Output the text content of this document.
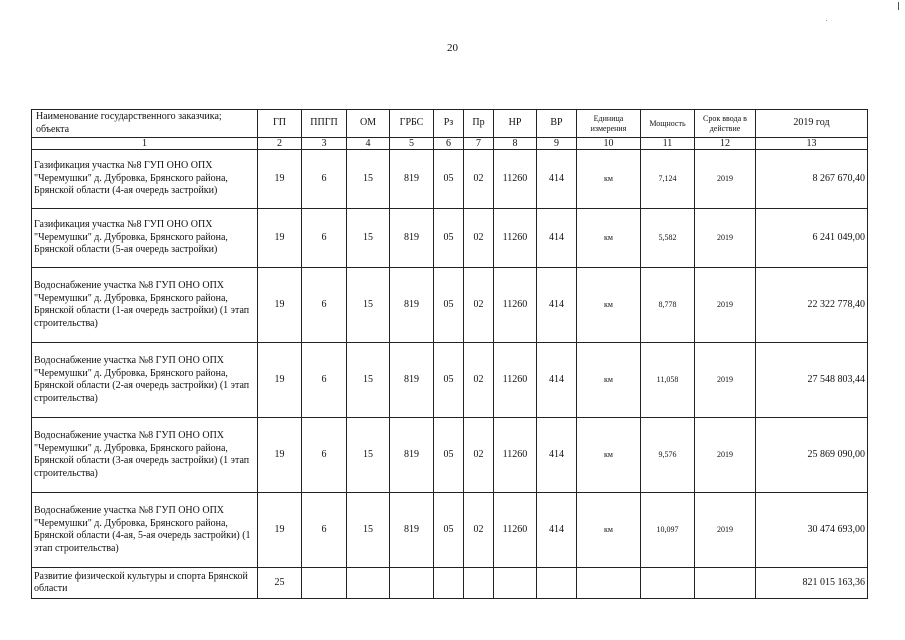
20
Наименование государственного заказчика; объекта	ГП	ППГП	ОМ	ГРБС	Рз	Пр	НР	ВР	Единица измерения	Мощность	Срок ввода в действие	2019 год
1	2	3	4	5	6	7	8	9	10	11	12	13
Газификация участка №8 ГУП ОНО ОПХ "Черемушки" д. Дубровка, Брянского района, Брянской области (4-ая очередь застройки)	19	6	15	819	05	02	11260	414	км	7,124	2019	8 267 670,40
Газификация участка №8 ГУП ОНО ОПХ "Черемушки" д. Дубровка, Брянского района, Брянской области (5-ая очередь застройки)	19	6	15	819	05	02	11260	414	км	5,582	2019	6 241 049,00
Водоснабжение участка №8 ГУП ОНО ОПХ "Черемушки" д. Дубровка, Брянского района, Брянской области (1-ая очередь застройки) (1 этап строительства)	19	6	15	819	05	02	11260	414	км	8,778	2019	22 322 778,40
Водоснабжение участка №8 ГУП ОНО ОПХ "Черемушки" д. Дубровка, Брянского района, Брянской области (2-ая очередь застройки) (1 этап строительства)	19	6	15	819	05	02	11260	414	км	11,058	2019	27 548 803,44
Водоснабжение участка №8 ГУП ОНО ОПХ "Черемушки" д. Дубровка, Брянского района, Брянской области (3-ая очередь застройки) (1 этап строительства)	19	6	15	819	05	02	11260	414	км	9,576	2019	25 869 090,00
Водоснабжение участка №8 ГУП ОНО ОПХ "Черемушки" д. Дубровка, Брянского района, Брянской области (4-ая, 5-ая очередь застройки) (1 этап строительства)	19	6	15	819	05	02	11260	414	км	10,097	2019	30 474 693,00
Развитие физической культуры и спорта Брянской области	25											821 015 163,36
